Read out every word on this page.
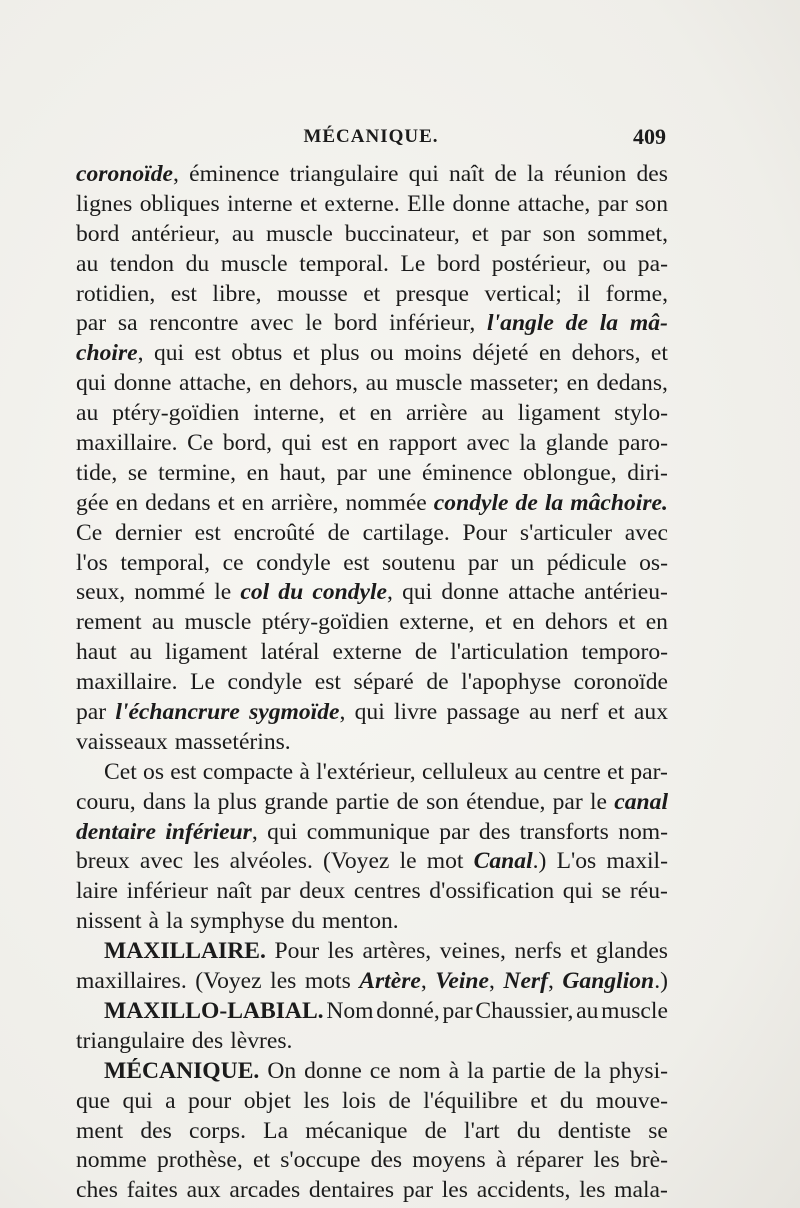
MÉCANIQUE.	409
coronoïde, éminence triangulaire qui naît de la réunion des
lignes obliques interne et externe. Elle donne attache, par son
bord antérieur, au muscle buccinateur, et par son sommet,
au tendon du muscle temporal. Le bord postérieur, ou pa-
rotidien, est libre, mousse et presque vertical; il forme,
par sa rencontre avec le bord inférieur, l'angle de la mâ-
choire, qui est obtus et plus ou moins déjeté en dehors, et
qui donne attache, en dehors, au muscle masseter; en dedans,
au ptéry-goïdien interne, et en arrière au ligament stylo-
maxillaire. Ce bord, qui est en rapport avec la glande paro-
tide, se termine, en haut, par une éminence oblongue, diri-
gée en dedans et en arrière, nommée condyle de la mâchoire.
Ce dernier est encroûté de cartilage. Pour s'articuler avec
l'os temporal, ce condyle est soutenu par un pédicule os-
seux, nommé le col du condyle, qui donne attache antérieu-
rement au muscle ptéry-goïdien externe, et en dehors et en
haut au ligament latéral externe de l'articulation temporo-
maxillaire. Le condyle est séparé de l'apophyse coronoïde
par l'échancrure sygmoïde, qui livre passage au nerf et aux
vaisseaux massetérins.
Cet os est compacte à l'extérieur, celluleux au centre et par-
couru, dans la plus grande partie de son étendue, par le canal
dentaire inférieur, qui communique par des transforts nom-
breux avec les alvéoles. (Voyez le mot Canal.) L'os maxil-
laire inférieur naît par deux centres d'ossification qui se réu-
nissent à la symphyse du menton.
MAXILLAIRE. Pour les artères, veines, nerfs et glandes
maxillaires. (Voyez les mots Artère, Veine, Nerf, Ganglion.)
MAXILLO-LABIAL. Nom donné, par Chaussier, au muscle
triangulaire des lèvres.
MÉCANIQUE. On donne ce nom à la partie de la physi-
que qui a pour objet les lois de l'équilibre et du mouve-
ment des corps. La mécanique de l'art du dentiste se
nomme prothèse, et s'occupe des moyens à réparer les brè-
ches faites aux arcades dentaires par les accidents, les mala-
